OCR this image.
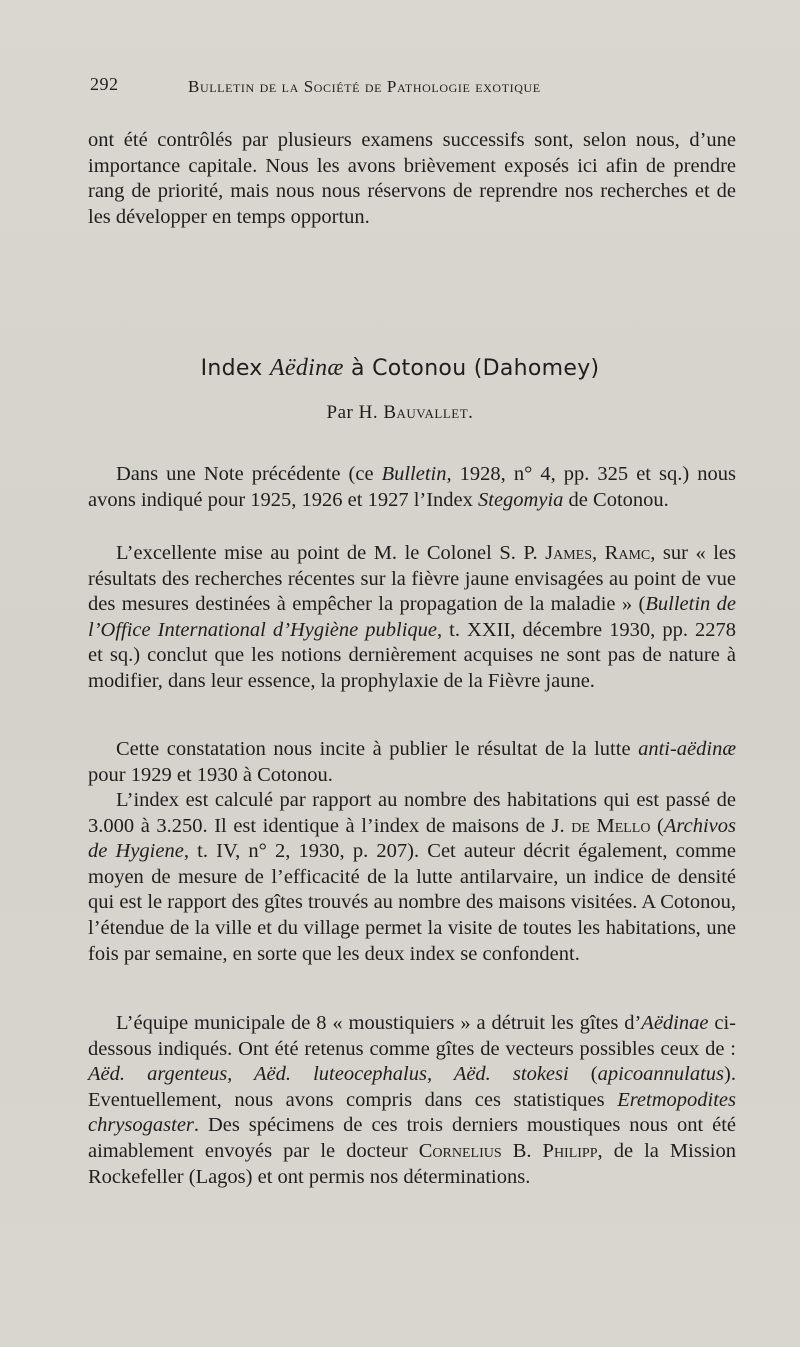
292	Bulletin de la Société de Pathologie exotique

ont été contrôlés par plusieurs examens successifs sont, selon nous, d’une importance capitale. Nous les avons brièvement exposés ici afin de prendre rang de priorité, mais nous nous réservons de reprendre nos recherches et de les développer en temps opportun.

Index Aëdinæ à Cotonou (Dahomey)
Par H. Bauvallet.

Dans une Note précédente (ce Bulletin, 1928, n° 4, pp. 325 et sq.) nous avons indiqué pour 1925, 1926 et 1927 l’Index Stegomyia de Cotonou.

L’excellente mise au point de M. le Colonel S. P. James, Ramc, sur « les résultats des recherches récentes sur la fièvre jaune envisagées au point de vue des mesures destinées à empêcher la propagation de la maladie » (Bulletin de l’Office International d’Hygiène publique, t. XXII, décembre 1930, pp. 2278 et sq.) conclut que les notions dernièrement acquises ne sont pas de nature à modifier, dans leur essence, la prophylaxie de la Fièvre jaune.

Cette constatation nous incite à publier le résultat de la lutte anti-aëdinæ pour 1929 et 1930 à Cotonou.

L’index est calculé par rapport au nombre des habitations qui est passé de 3.000 à 3.250. Il est identique à l’index de maisons de J. de Mello (Archivos de Hygiene, t. IV, n° 2, 1930, p. 207). Cet auteur décrit également, comme moyen de mesure de l’efficacité de la lutte antilarvaire, un indice de densité qui est le rapport des gîtes trouvés au nombre des maisons visitées. A Cotonou, l’étendue de la ville et du village permet la visite de toutes les habitations, une fois par semaine, en sorte que les deux index se confondent.

L’équipe municipale de 8 « moustiquiers » a détruit les gîtes d’Aëdinae ci-dessous indiqués. Ont été retenus comme gîtes de vecteurs possibles ceux de : Aëd. argenteus, Aëd. luteocephalus, Aëd. stokesi (apicoannulatus). Eventuellement, nous avons compris dans ces statistiques Eretmopodites chrysogaster. Des spécimens de ces trois derniers moustiques nous ont été aimablement envoyés par le docteur Cornelius B. Philipp, de la Mission Rockefeller (Lagos) et ont permis nos déterminations.
